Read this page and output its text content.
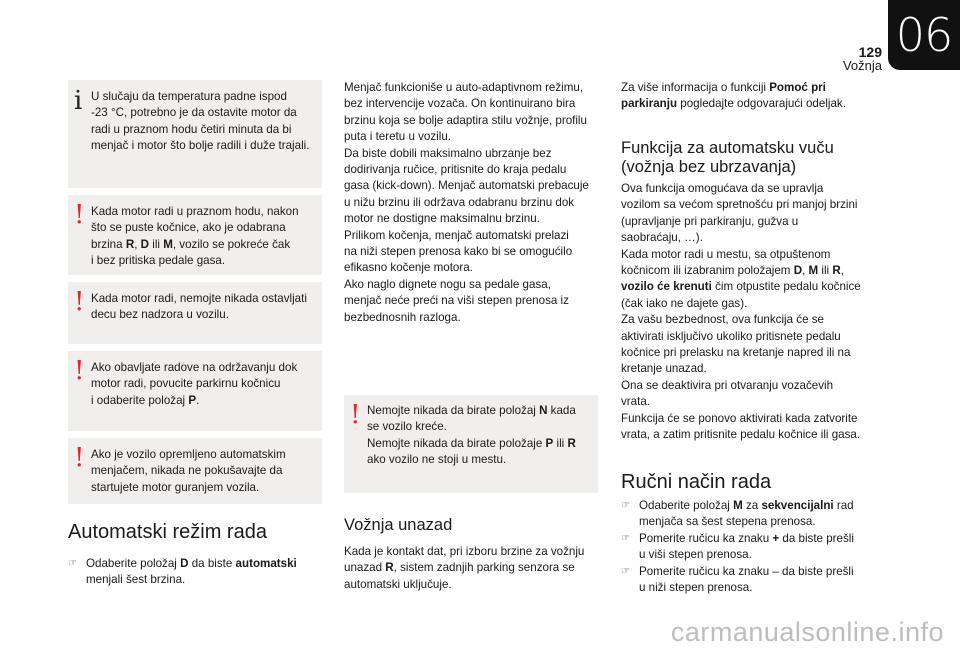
06
129
Vožnja
i U slučaju da temperatura padne ispod
-23 °C, potrebno je da ostavite motor da
radi u praznom hodu četiri minuta da bi
menjač i motor što bolje radili i duže trajali.
! Kada motor radi u praznom hodu, nakon
što se puste kočnice, ako je odabrana
brzina R, D ili M, vozilo se pokreće čak
i bez pritiska pedale gasa.
! Kada motor radi, nemojte nikada ostavljati
decu bez nadzora u vozilu.
! Ako obavljate radove na održavanju dok
motor radi, povucite parkirnu kočnicu
i odaberite položaj P.
! Ako je vozilo opremljeno automatskim
menjačem, nikada ne pokušavajte da
startujete motor guranjem vozila.
Automatski režim rada
☞ Odaberite položaj D da biste automatski
menjali šest brzina.

Menjač funkcioniše u auto-adaptivnom režimu,

bez intervencije vozača. On kontinuirano bira

brzinu koja se bolje adaptira stilu vožnje, profilu

puta i teretu u vozilu.

Da biste dobili maksimalno ubrzanje bez

dodirivanja ručice, pritisnite do kraja pedalu

gasa (kick-down). Menjač automatski prebacuje

u nižu brzinu ili održava odabranu brzinu dok

motor ne dostigne maksimalnu brzinu.

Prilikom kočenja, menjač automatski prelazi

na niži stepen prenosa kako bi se omogućilo

efikasno kočenje motora.

Ako naglo dignete nogu sa pedale gasa,

menjač neće preći na viši stepen prenosa iz

bezbednosnih razloga.

! Nemojte nikada da birate položaj N kada
se vozilo kreće.
Nemojte nikada da birate položaje P ili R
ako vozilo ne stoji u mestu.
Vožnja unazad

Kada je kontakt dat, pri izboru brzine za vožnju

unazad R, sistem zadnjih parking senzora se

automatski uključuje.

Za više informacija o funkciji Pomoć pri

parkiranju pogledajte odgovarajući odeljak.

Funkcija za automatsku vuču
(vožnja bez ubrzavanja)

Ova funkcija omogućava da se upravlja

vozilom sa većom spretnošću pri manjoj brzini

(upravljanje pri parkiranju, gužva u

saobraćaju, …).

Kada motor radi u mestu, sa otpuštenom

kočnicom ili izabranim položajem D, M ili R,

vozilo će krenuti čim otpustite pedalu kočnice

(čak iako ne dajete gas).

Za vašu bezbednost, ova funkcija će se

aktivirati isključivo ukoliko pritisnete pedalu

kočnice pri prelasku na kretanje napred ili na

kretanje unazad.

Ona se deaktivira pri otvaranju vozačevih

vrata.

Funkcija će se ponovo aktivirati kada zatvorite

vrata, a zatim pritisnite pedalu kočnice ili gasa.

Ručni način rada
☞ Odaberite položaj M za sekvencijalni rad
menjača sa šest stepena prenosa.
☞ Pomerite ručicu ka znaku + da biste prešli
u viši stepen prenosa.
☞ Pomerite ručicu ka znaku – da biste prešli
u niži stepen prenosa.
carmanualsonline.info
